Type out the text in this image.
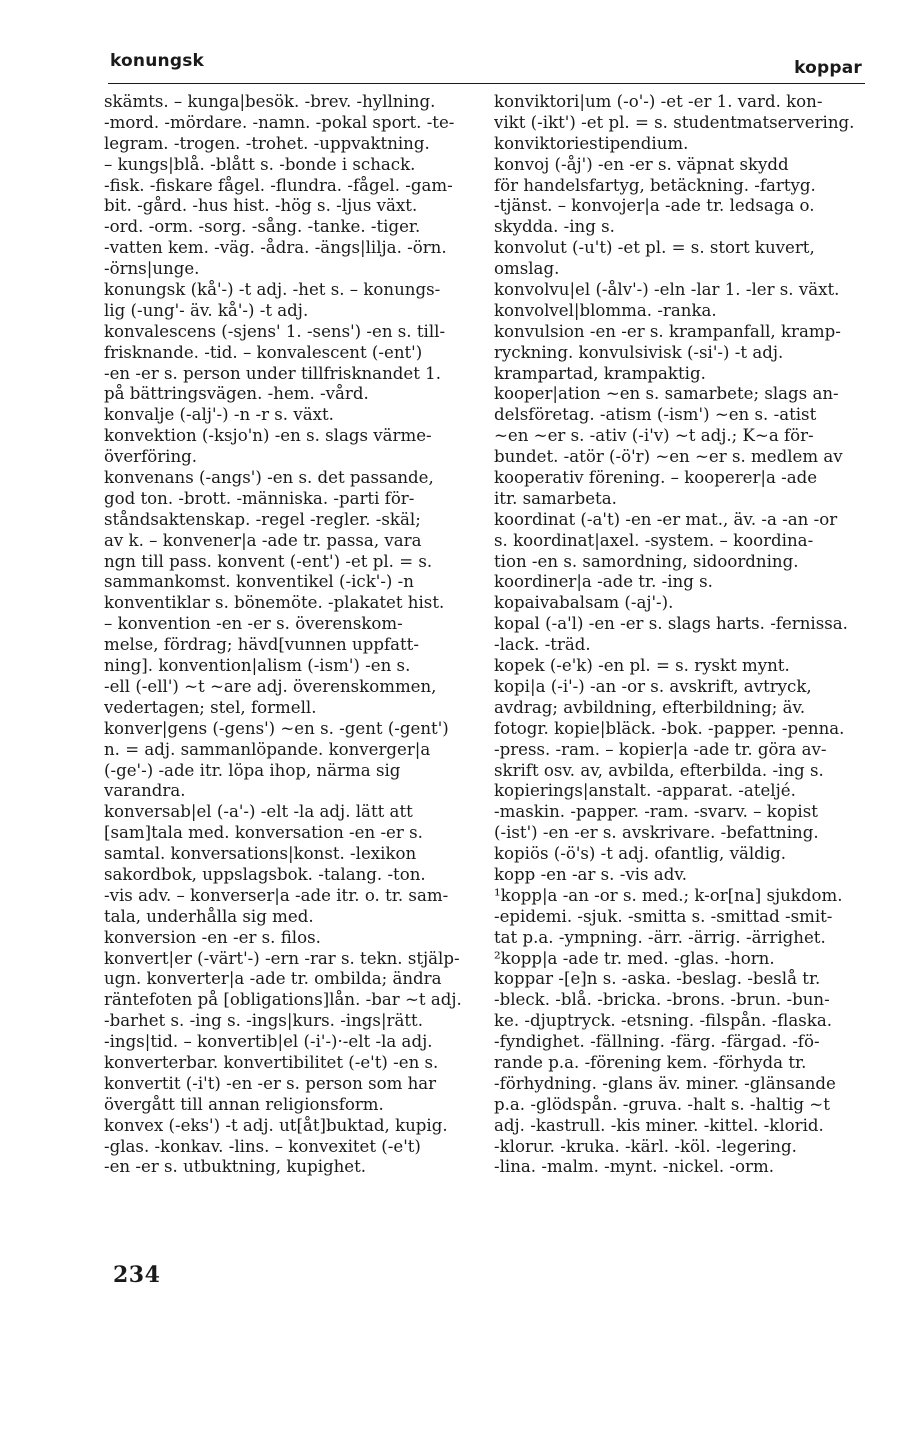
konungsk	koppar
skämts. – kunga|besök. -brev. -hyllning.
-mord. -mördare. -namn. -pokal sport. -te-
legram. -trogen. -trohet. -uppvaktning.
– kungs|blå. -blått s. -bonde i schack.
-fisk. -fiskare fågel. -flundra. -fågel. -gam-
bit. -gård. -hus hist. -hög s. -ljus växt.
-ord. -orm. -sorg. -sång. -tanke. -tiger.
-vatten kem. -väg. -ådra. -ängs|lilja. -örn.
-örns|unge.
konungsk (kå'-) -t adj. -het s. – konungs-
lig (-ung'- äv. kå'-) -t adj.
konvalescens (-sjens' 1. -sens') -en s. till-
frisknande. -tid. – konvalescent (-ent')
-en -er s. person under tillfrisknandet 1.
på bättringsvägen. -hem. -vård.
konvalje (-alj'-) -n -r s. växt.
konvektion (-ksjo'n) -en s. slags värme-
överföring.
konvenans (-angs') -en s. det passande,
god ton. -brott. -människa. -parti för-
ståndsaktenskap. -regel -regler. -skäl;
av k. – konvener|a -ade tr. passa, vara
ngn till pass. konvent (-ent') -et pl. = s.
sammankomst. konventikel (-ick'-) -n
konventiklar s. bönemöte. -plakatet hist.
– konvention -en -er s. överenskom-
melse, fördrag; hävd[vunnen uppfatt-
ning]. konvention|alism (-ism') -en s.
-ell (-ell') ~t ~are adj. överenskommen,
vedertagen; stel, formell.
konver|gens (-gens') ~en s. -gent (-gent')
n. = adj. sammanlöpande. konverger|a
(-ge'-) -ade itr. löpa ihop, närma sig
varandra.
konversab|el (-a'-) -elt -la adj. lätt att
[sam]tala med. konversation -en -er s.
samtal. konversations|konst. -lexikon
sakordbok, uppslagsbok. -talang. -ton.
-vis adv. – konverser|a -ade itr. o. tr. sam-
tala, underhålla sig med.
konversion -en -er s. filos.
konvert|er (-värt'-) -ern -rar s. tekn. stjälp-
ugn. konverter|a -ade tr. ombilda; ändra
räntefoten på [obligations]lån. -bar ~t adj.
-barhet s. -ing s. -ings|kurs. -ings|rätt.
-ings|tid. – konvertib|el (-i'-)·-elt -la adj.
konverterbar. konvertibilitet (-e't) -en s.
konvertit (-i't) -en -er s. person som har
övergått till annan religionsform.
konvex (-eks') -t adj. ut[åt]buktad, kupig.
-glas. -konkav. -lins. – konvexitet (-e't)
-en -er s. utbuktning, kupighet.
konviktori|um (-o'-) -et -er 1. vard. kon-
vikt (-ikt') -et pl. = s. studentmatservering.
konviktoriestipendium.
konvoj (-åj') -en -er s. väpnat skydd
för handelsfartyg, betäckning. -fartyg.
-tjänst. – konvojer|a -ade tr. ledsaga o.
skydda. -ing s.
konvolut (-u't) -et pl. = s. stort kuvert,
omslag.
konvolvu|el (-ålv'-) -eln -lar 1. -ler s. växt.
konvolvel|blomma. -ranka.
konvulsion -en -er s. krampanfall, kramp-
ryckning. konvulsivisk (-si'-) -t adj.
krampartad, krampaktig.
kooper|ation ~en s. samarbete; slags an-
delsföretag. -atism (-ism') ~en s. -atist
~en ~er s. -ativ (-i'v) ~t adj.; K~a för-
bundet. -atör (-ö'r) ~en ~er s. medlem av
kooperativ förening. – kooperer|a -ade
itr. samarbeta.
koordinat (-a't) -en -er mat., äv. -a -an -or
s. koordinat|axel. -system. – koordina-
tion -en s. samordning, sidoordning.
koordiner|a -ade tr. -ing s.
kopaivabalsam (-aj'-).
kopal (-a'l) -en -er s. slags harts. -fernissa.
-lack. -träd.
kopek (-e'k) -en pl. = s. ryskt mynt.
kopi|a (-i'-) -an -or s. avskrift, avtryck,
avdrag; avbildning, efterbildning; äv.
fotogr. kopie|bläck. -bok. -papper. -penna.
-press. -ram. – kopier|a -ade tr. göra av-
skrift osv. av, avbilda, efterbilda. -ing s.
kopierings|anstalt. -apparat. -ateljé.
-maskin. -papper. -ram. -svarv. – kopist
(-ist') -en -er s. avskrivare. -befattning.
kopiös (-ö's) -t adj. ofantlig, väldig.
kopp -en -ar s. -vis adv.
¹kopp|a -an -or s. med.; k-or[na] sjukdom.
-epidemi. -sjuk. -smitta s. -smittad -smit-
tat p.a. -ympning. -ärr. -ärrig. -ärrighet.
²kopp|a -ade tr. med. -glas. -horn.
koppar -[e]n s. -aska. -beslag. -beslå tr.
-bleck. -blå. -bricka. -brons. -brun. -bun-
ke. -djuptryck. -etsning. -filspån. -flaska.
-fyndighet. -fällning. -färg. -färgad. -fö-
rande p.a. -förening kem. -förhyda tr.
-förhydning. -glans äv. miner. -glänsande
p.a. -glödspån. -gruva. -halt s. -haltig ~t
adj. -kastrull. -kis miner. -kittel. -klorid.
-klorur. -kruka. -kärl. -köl. -legering.
-lina. -malm. -mynt. -nickel. -orm.
234
